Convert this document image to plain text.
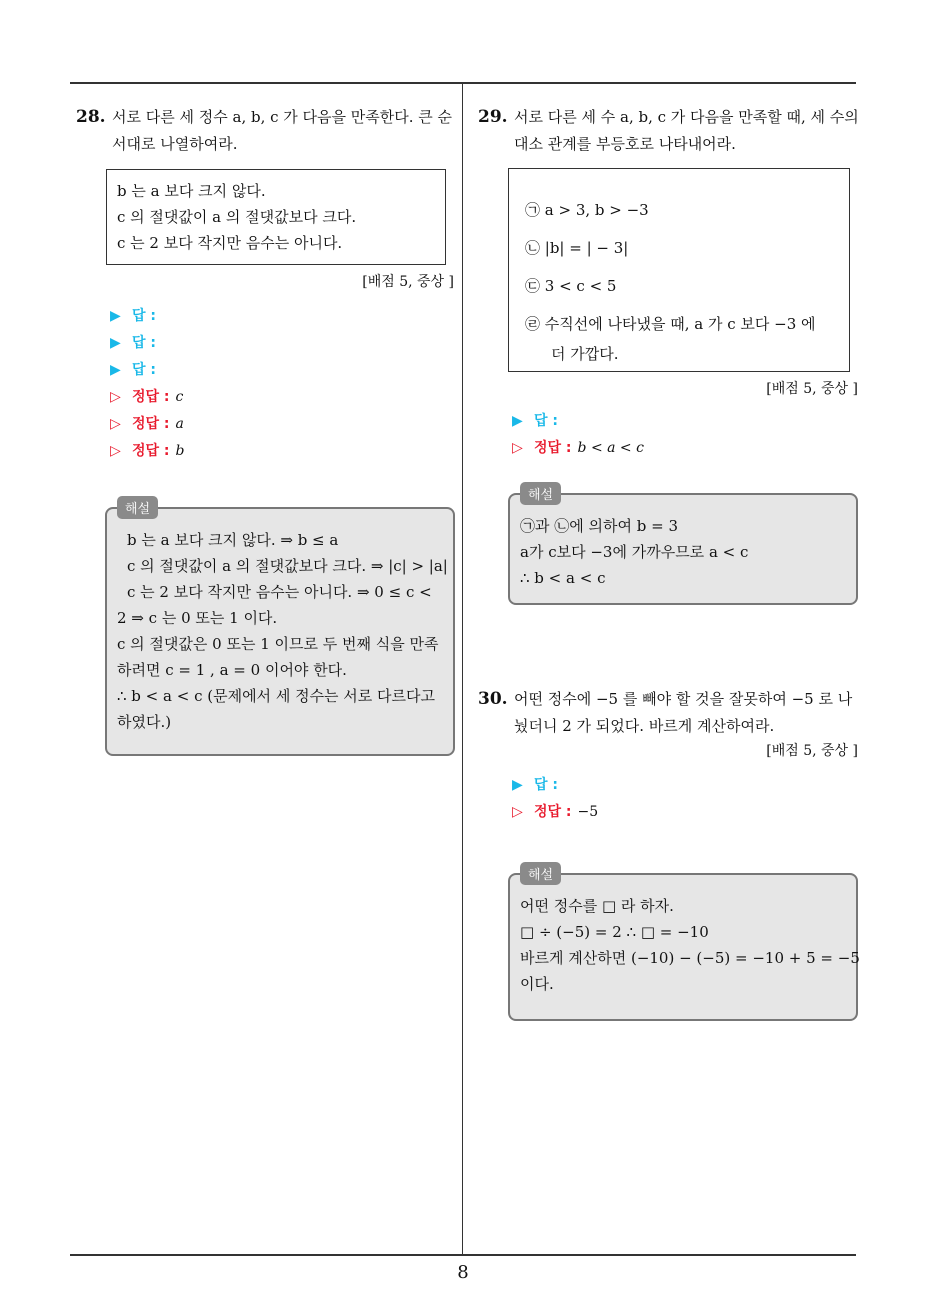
28. 서로 다른 세 정수 a, b, c 가 다음을 만족한다. 큰 순
서대로 나열하여라.
b 는 a 보다 크지 않다.
c 의 절댓값이 a 의 절댓값보다 크다.
c 는 2 보다 작지만 음수는 아니다.
[배점 5, 중상 ]
▶ 답 :
▶ 답 :
▶ 답 :
▷ 정답 : c
▷ 정답 : a
▷ 정답 : b
해설
b 는 a 보다 크지 않다. ⇒ b ≤ a
c 의 절댓값이 a 의 절댓값보다 크다. ⇒ |c| > |a|
c 는 2 보다 작지만 음수는 아니다. ⇒ 0 ≤ c <
2 ⇒ c 는 0 또는 1 이다.
c 의 절댓값은 0 또는 1 이므로 두 번째 식을 만족
하려면 c = 1 , a = 0 이어야 한다.
∴ b < a < c (문제에서 세 정수는 서로 다르다고
하였다.)
29. 서로 다른 세 수 a, b, c 가 다음을 만족할 때, 세 수의
대소 관계를 부등호로 나타내어라.
㉠ a > 3, b > −3
㉡ |b| = | − 3|
㉢ 3 < c < 5
㉣ 수직선에 나타냈을 때, a 가 c 보다 −3 에
더 가깝다.
[배점 5, 중상 ]
▶ 답 :
▷ 정답 : b < a < c
해설
㉠과 ㉡에 의하여 b = 3
a가 c보다 −3에 가까우므로 a < c
∴ b < a < c
30. 어떤 정수에 −5 를 빼야 할 것을 잘못하여 −5 로 나
눴더니 2 가 되었다. 바르게 계산하여라.
[배점 5, 중상 ]
▶ 답 :
▷ 정답 : −5
해설
어떤 정수를 □ 라 하자.
□ ÷ (−5) = 2 ∴ □ = −10
바르게 계산하면 (−10) − (−5) = −10 + 5 = −5
이다.
8
